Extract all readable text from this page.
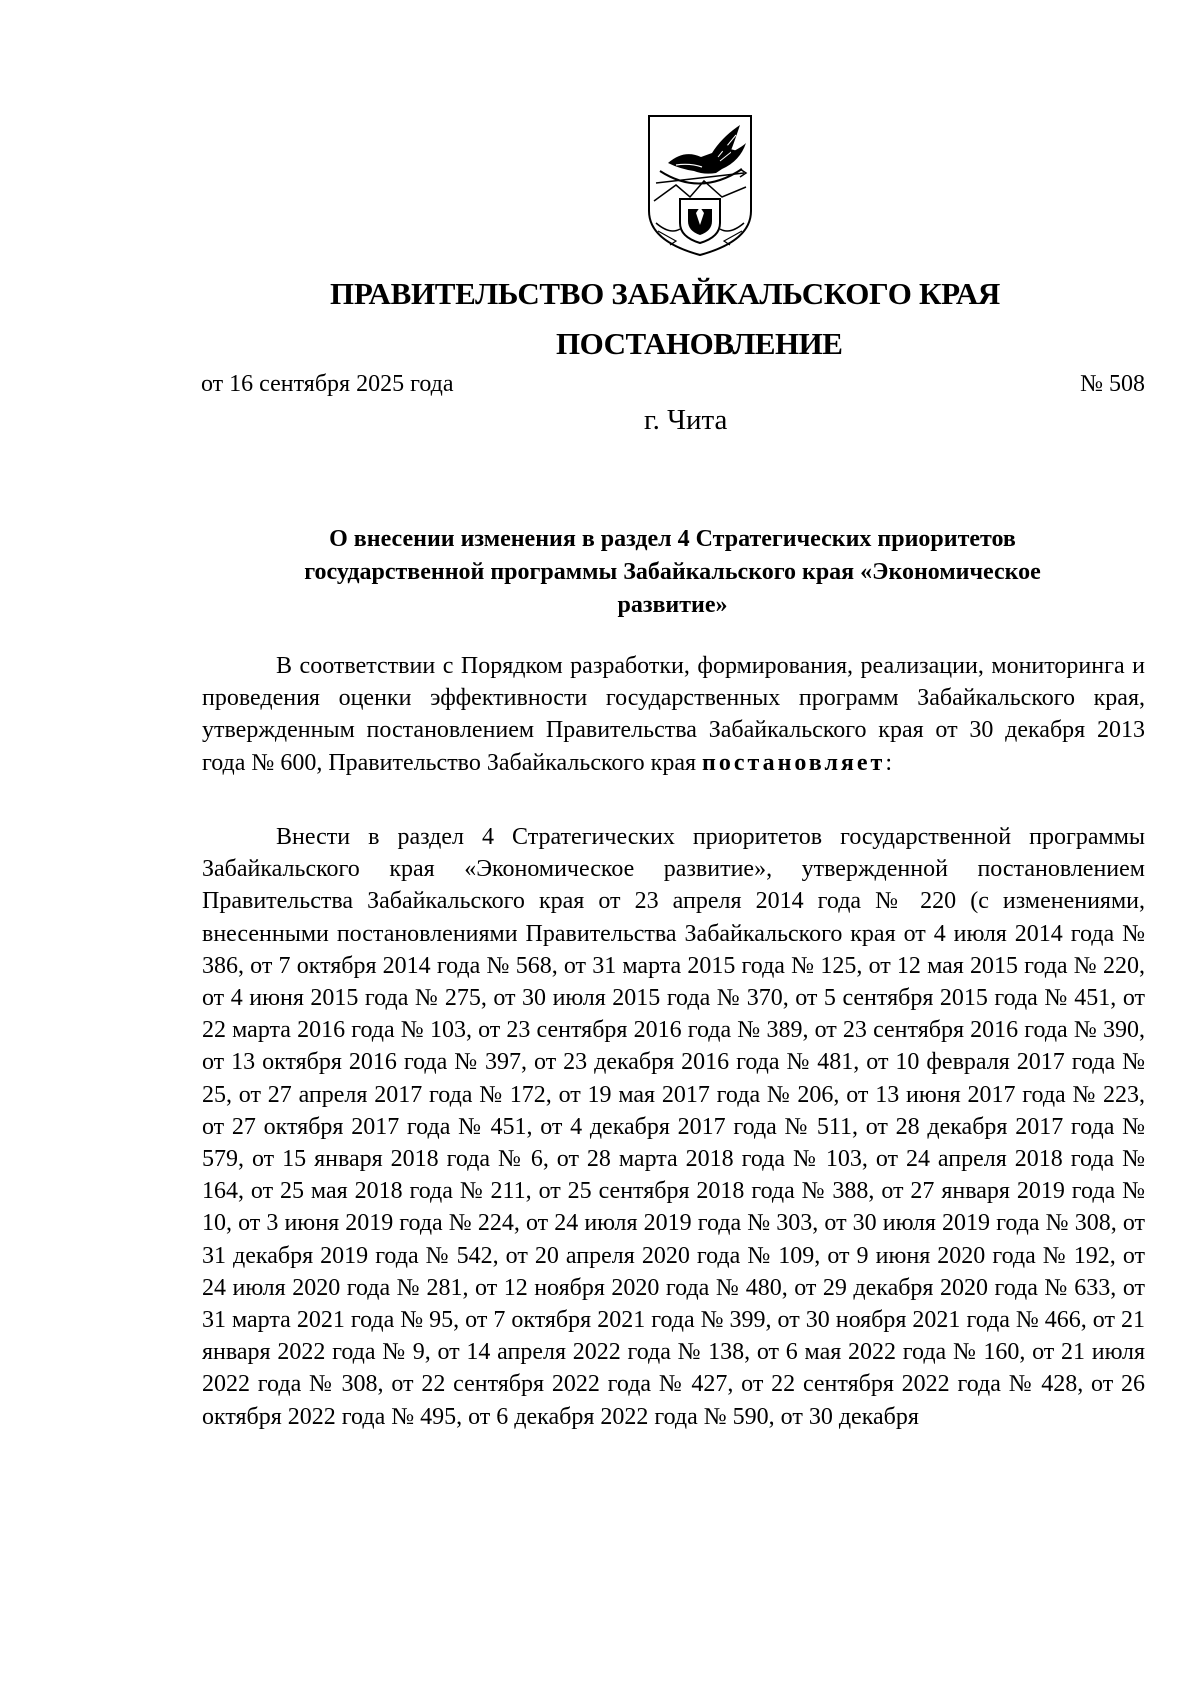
ПРАВИТЕЛЬСТВО ЗАБАЙКАЛЬСКОГО КРАЯ
ПОСТАНОВЛЕНИЕ
от 16 сентября 2025 года	№ 508
г. Чита

О внесении изменения в раздел 4 Стратегических приоритетов
государственной программы Забайкальского края «Экономическое
развитие»

В соответствии с Порядком разработки, формирования, реализации, мониторинга и проведения оценки эффективности государственных программ Забайкальского края, утвержденным постановлением Правительства Забайкальского края от 30 декабря 2013 года № 600, Правительство Забайкальского края постановляет:

Внести в раздел 4 Стратегических приоритетов государственной программы Забайкальского края «Экономическое развитие», утвержденной постановлением Правительства Забайкальского края от 23 апреля 2014 года № 220 (с изменениями, внесенными постановлениями Правительства Забайкальского края от 4 июля 2014 года № 386, от 7 октября 2014 года № 568, от 31 марта 2015 года № 125, от 12 мая 2015 года № 220, от 4 июня 2015 года № 275, от 30 июля 2015 года № 370, от 5 сентября 2015 года № 451, от 22 марта 2016 года № 103, от 23 сентября 2016 года № 389, от 23 сентября 2016 года № 390, от 13 октября 2016 года № 397, от 23 декабря 2016 года № 481, от 10 февраля 2017 года № 25, от 27 апреля 2017 года № 172, от 19 мая 2017 года № 206, от 13 июня 2017 года № 223, от 27 октября 2017 года № 451, от 4 декабря 2017 года № 511, от 28 декабря 2017 года № 579, от 15 января 2018 года № 6, от 28 марта 2018 года № 103, от 24 апреля 2018 года № 164, от 25 мая 2018 года № 211, от 25 сентября 2018 года № 388, от 27 января 2019 года № 10, от 3 июня 2019 года № 224, от 24 июля 2019 года № 303, от 30 июля 2019 года № 308, от 31 декабря 2019 года № 542, от 20 апреля 2020 года № 109, от 9 июня 2020 года № 192, от 24 июля 2020 года № 281, от 12 ноября 2020 года № 480, от 29 декабря 2020 года № 633, от 31 марта 2021 года № 95, от 7 октября 2021 года № 399, от 30 ноября 2021 года № 466, от 21 января 2022 года № 9, от 14 апреля 2022 года № 138, от 6 мая 2022 года № 160, от 21 июля 2022 года № 308, от 22 сентября 2022 года № 427, от 22 сентября 2022 года № 428, от 26 октября 2022 года № 495, от 6 декабря 2022 года № 590, от 30 декабря
